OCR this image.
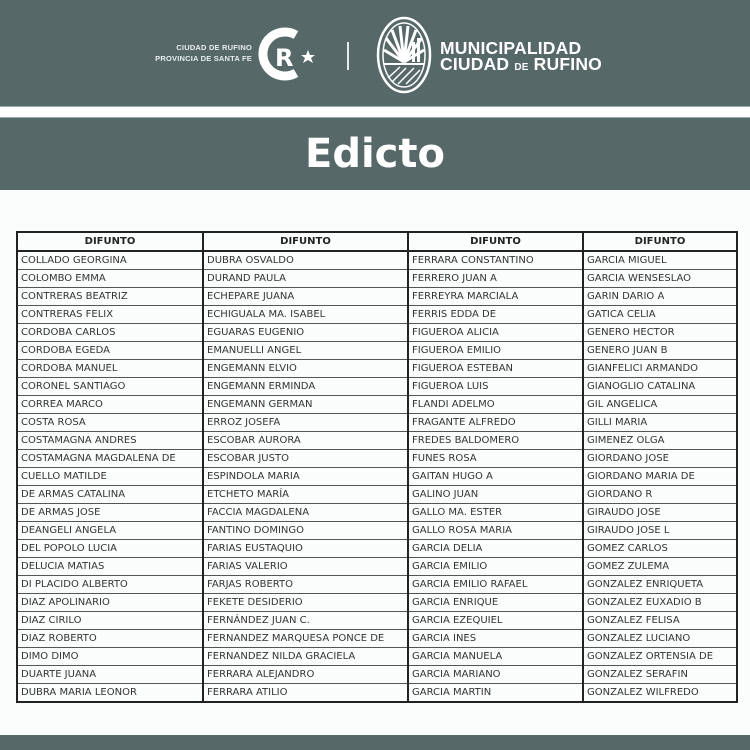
CIUDAD DE RUFINO
PROVINCIA DE SANTA FE R	MUNICIPALIDAD
CIUDAD DE RUFINO
Edicto
DIFUNTO	DIFUNTO	DIFUNTO	DIFUNTO
COLLADO GEORGINA	DUBRA OSVALDO	FERRARA CONSTANTINO	GARCIA MIGUEL
COLOMBO EMMA	DURAND PAULA	FERRERO JUAN A	GARCIA WENSESLAO
CONTRERAS BEATRIZ	ECHEPARE JUANA	FERREYRA MARCIALA	GARIN DARIO A
CONTRERAS FELIX	ECHIGUALA MA. ISABEL	FERRIS EDDA DE	GATICA CELIA
CORDOBA CARLOS	EGUARAS EUGENIO	FIGUEROA ALICIA	GENERO HECTOR
CORDOBA EGEDA	EMANUELLI ANGEL	FIGUEROA EMILIO	GENERO JUAN B
CORDOBA MANUEL	ENGEMANN ELVIO	FIGUEROA ESTEBAN	GIANFELICI ARMANDO
CORONEL SANTIAGO	ENGEMANN ERMINDA	FIGUEROA LUIS	GIANOGLIO CATALINA
CORREA MARCO	ENGEMANN GERMAN	FLANDI ADELMO	GIL ANGELICA
COSTA ROSA	ERROZ JOSEFA	FRAGANTE ALFREDO	GILLI MARIA
COSTAMAGNA ANDRES	ESCOBAR AURORA	FREDES BALDOMERO	GIMENEZ OLGA
COSTAMAGNA MAGDALENA DE	ESCOBAR JUSTO	FUNES ROSA	GIORDANO JOSE
CUELLO MATILDE	ESPINDOLA MARIA	GAITAN HUGO A	GIORDANO MARIA DE
DE ARMAS CATALINA	ETCHETO MARÍA	GALINO JUAN	GIORDANO R
DE ARMAS JOSE	FACCIA MAGDALENA	GALLO MA. ESTER	GIRAUDO JOSE
DEANGELI ANGELA	FANTINO DOMINGO	GALLO ROSA MARIA	GIRAUDO JOSE L
DEL POPOLO LUCIA	FARIAS EUSTAQUIO	GARCIA DELIA	GOMEZ CARLOS
DELUCIA MATIAS	FARIAS VALERIO	GARCIA EMILIO	GOMEZ ZULEMA
DI PLACIDO ALBERTO	FARJAS ROBERTO	GARCIA EMILIO RAFAEL	GONZALEZ ENRIQUETA
DIAZ APOLINARIO	FEKETE DESIDERIO	GARCIA ENRIQUE	GONZALEZ EUXADIO B
DIAZ CIRILO	FERNÁNDEZ JUAN C.	GARCIA EZEQUIEL	GONZALEZ FELISA
DIAZ ROBERTO	FERNANDEZ MARQUESA PONCE DE	GARCIA INES	GONZALEZ LUCIANO
DIMO DIMO	FERNANDEZ NILDA GRACIELA	GARCIA MANUELA	GONZALEZ ORTENSIA DE
DUARTE JUANA	FERRARA ALEJANDRO	GARCIA MARIANO	GONZALEZ SERAFIN
DUBRA MARIA LEONOR	FERRARA ATILIO	GARCIA MARTIN	GONZALEZ WILFREDO
